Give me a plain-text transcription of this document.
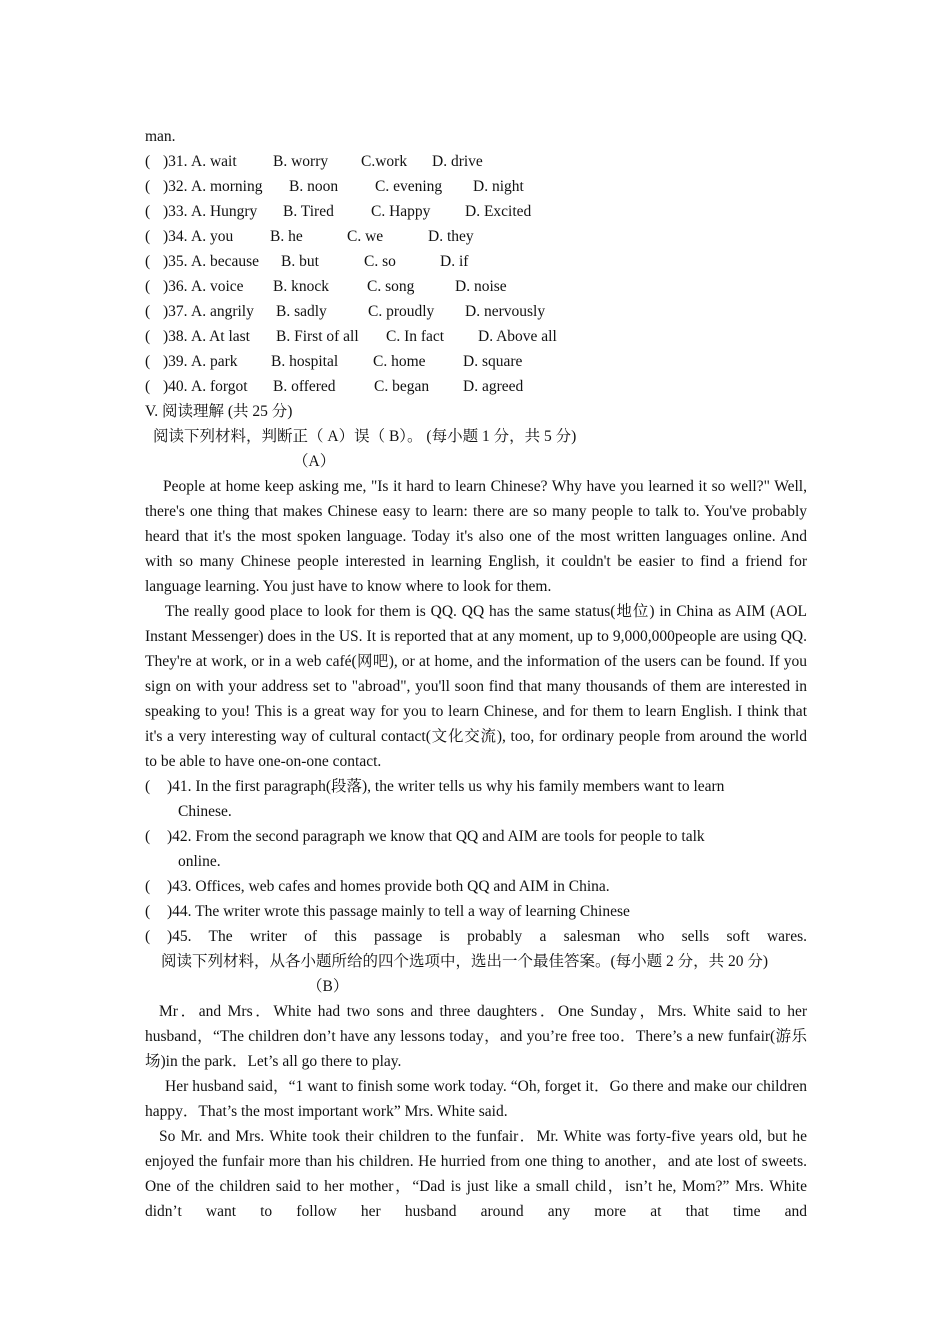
man.
( )31. A. wait	B. worry	C.work	D. drive
( )32. A. morning	B. noon	C. evening	D. night
( )33. A. Hungry	B. Tired	C. Happy	D. Excited
( )34. A. you	B. he	C. we	D. they
( )35. A. because	B. but	C. so	D. if
( )36. A. voice	B. knock	C. song	D. noise
( )37. A. angrily	B. sadly	C. proudly	D. nervously
( )38. A. At last	B. First of all	C. In fact	D. Above all
( )39. A. park	B. hospital	C. home	D. square
( )40. A. forgot	B. offered	C. began	D. agreed
V. 阅读理解 (共 25 分)
阅读下列材料，判断正（ A）误（ B）。 (每小题 1 分，共 5 分)
（A）

People at home keep asking me, "Is it hard to learn Chinese? Why have you learned it so well?" Well, there's one thing that makes Chinese easy to learn: there are so many people to talk to. You've probably heard that it's the most spoken language. Today it's also one of the most written languages online. And with so many Chinese people interested in learning English, it couldn't be easier to find a friend for language learning. You just have to know where to look for them.

The really good place to look for them is QQ. QQ has the same status(地位) in China as AIM (AOL Instant Messenger) does in the US. It is reported that at any moment, up to 9,000,000people are using QQ. They're at work, or in a web café(网吧), or at home, and the information of the users can be found. If you sign on with your address set to "abroad", you'll soon find that many thousands of them are interested in speaking to you! This is a great way for you to learn Chinese, and for them to learn English. I think that it's a very interesting way of cultural contact(文化交流), too, for ordinary people from around the world to be able to have one-on-one contact.

(	)41. In the first paragraph(段落), the writer tells us why his family members want to learn
Chinese.
(	)42. From the second paragraph we know that QQ and AIM are tools for people to talk
online.
(	)43. Offices, web cafes and homes provide both QQ and AIM in China.
(	)44. The writer wrote this passage mainly to tell a way of learning Chinese
(	)45. The writer of this passage is probably a salesman who sells soft wares.
阅读下列材料，从各小题所给的四个选项中，选出一个最佳答案。(每小题 2 分，共 20 分)
（B）

Mr．and Mrs．White had two sons and three daughters．One Sunday，Mrs. White said to her husband，“The children don’t have any lessons today，and you’re free too．There’s a new funfair(游乐场)in the park．Let’s all go there to play.

Her husband said，“1 want to finish some work today. “Oh, forget it．Go there and make our children happy．That’s the most important work” Mrs. White said.

So Mr. and Mrs. White took their children to the funfair．Mr. White was forty-five years old, but he enjoyed the funfair more than his children. He hurried from one thing to another，and ate lost of sweets. One of the children said to her mother，“Dad is just like a small child，isn’t he, Mom?” Mrs. White didn’t want to follow her husband around any more at that time and
